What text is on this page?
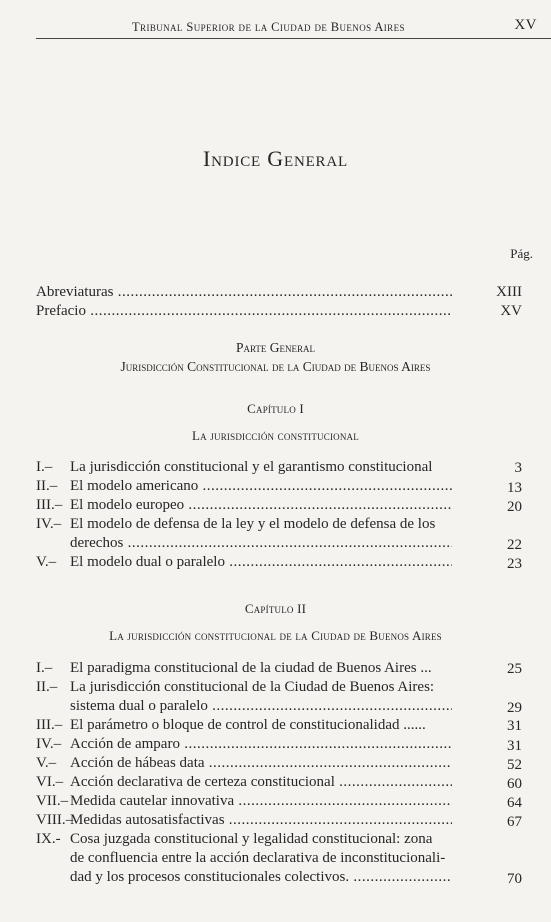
Tribunal Superior de la Ciudad de Buenos Aires	XV
Indice General
Pág.
Abreviaturas .....	XIII
Prefacio .....	XV
Parte General
Jurisdicción Constitucional de la Ciudad de Buenos Aires
Capítulo I
La jurisdicción constitucional
I.– La jurisdicción constitucional y el garantismo constitucional	3
II.– El modelo americano .....	13
III.– El modelo europeo .....	20
IV.– El modelo de defensa de la ley y el modelo de defensa de los
derechos .....	22
V.– El modelo dual o paralelo .....	23
Capítulo II
La jurisdicción constitucional de la Ciudad de Buenos Aires
I.– El paradigma constitucional de la ciudad de Buenos Aires ...	25
II.– La jurisdicción constitucional de la Ciudad de Buenos Aires:
sistema dual o paralelo .....	29
III.– El parámetro o bloque de control de constitucionalidad ......	31
IV.– Acción de amparo .....	31
V.– Acción de hábeas data .....	52
VI.– Acción declarativa de certeza constitucional .....	60
VII.– Medida cautelar innovativa .....	64
VIII.–
Medidas autosatisfactivas .....	67
IX.- Cosa juzgada constitucional y legalidad constitucional: zona
de confluencia entre la acción declarativa de inconstitucionali-
dad y los procesos constitucionales colectivos. .....	70
